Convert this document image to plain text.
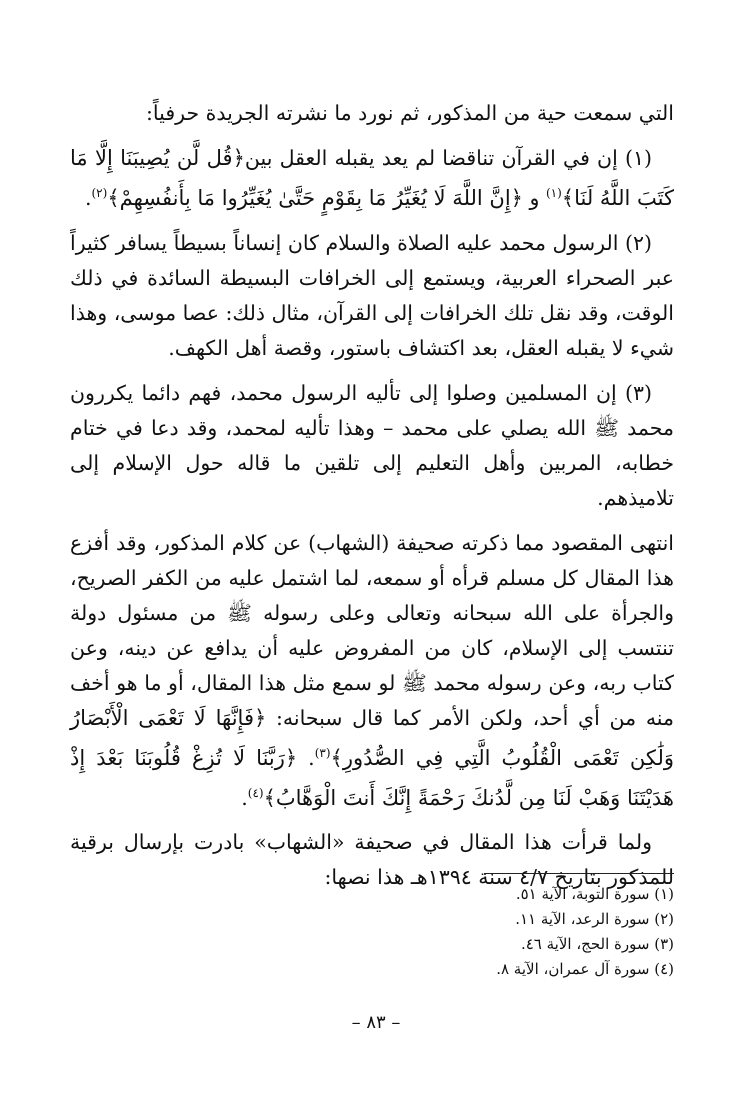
التي سمعت حية من المذكور، ثم نورد ما نشرته الجريدة حرفياً:

(١) إن في القرآن تناقضا لم يعد يقبله العقل بين﴿قُل لَّن يُصِيبَنَا إِلَّا مَا كَتَبَ اللَّهُ لَنَا﴾$^{(١)}$ و ﴿إِنَّ اللَّهَ لَا يُغَيِّرُ مَا بِقَوْمٍ حَتَّىٰ يُغَيِّرُوا مَا بِأَنفُسِهِمْ﴾$^{(٢)}$.

(٢) الرسول محمد عليه الصلاة والسلام كان إنساناً بسيطاً يسافر كثيراً عبر الصحراء العربية، ويستمع إلى الخرافات البسيطة السائدة في ذلك الوقت، وقد نقل تلك الخرافات إلى القرآن، مثال ذلك: عصا موسى، وهذا شيء لا يقبله العقل، بعد اكتشاف باستور، وقصة أهل الكهف.

(٣) إن المسلمين وصلوا إلى تأليه الرسول محمد، فهم دائما يكررون محمد ﷺ الله يصلي على محمد – وهذا تأليه لمحمد، وقد دعا في ختام خطابه، المربين وأهل التعليم إلى تلقين ما قاله حول الإسلام إلى تلاميذهم.

انتهى المقصود مما ذكرته صحيفة (الشهاب) عن كلام المذكور، وقد أفزع هذا المقال كل مسلم قرأه أو سمعه، لما اشتمل عليه من الكفر الصريح، والجرأة على الله سبحانه وتعالى وعلى رسوله ﷺ من مسئول دولة تنتسب إلى الإسلام، كان من المفروض عليه أن يدافع عن دينه، وعن كتاب ربه، وعن رسوله محمد ﷺ لو سمع مثل هذا المقال، أو ما هو أخف منه من أي أحد، ولكن الأمر كما قال سبحانه: ﴿فَإِنَّهَا لَا تَعْمَى الْأَبْصَارُ وَلَٰكِن تَعْمَى الْقُلُوبُ الَّتِي فِي الصُّدُورِ﴾$^{(٣)}$. ﴿رَبَّنَا لَا تُزِغْ قُلُوبَنَا بَعْدَ إِذْ هَدَيْتَنَا وَهَبْ لَنَا مِن لَّدُنكَ رَحْمَةً إِنَّكَ أَنتَ الْوَهَّابُ﴾$^{(٤)}$.

ولما قرأت هذا المقال في صحيفة «الشهاب» بادرت بإرسال برقية للمذكور بتاريخ ٤/٧ سنة ١٣٩٤هـ هذا نصها:

(١) سورة التوبة، الآية ٥١.
(٢) سورة الرعد، الآية ١١.
(٣) سورة الحج، الآية ٤٦.
(٤) سورة آل عمران، الآية ٨.
– ٨٣ –
